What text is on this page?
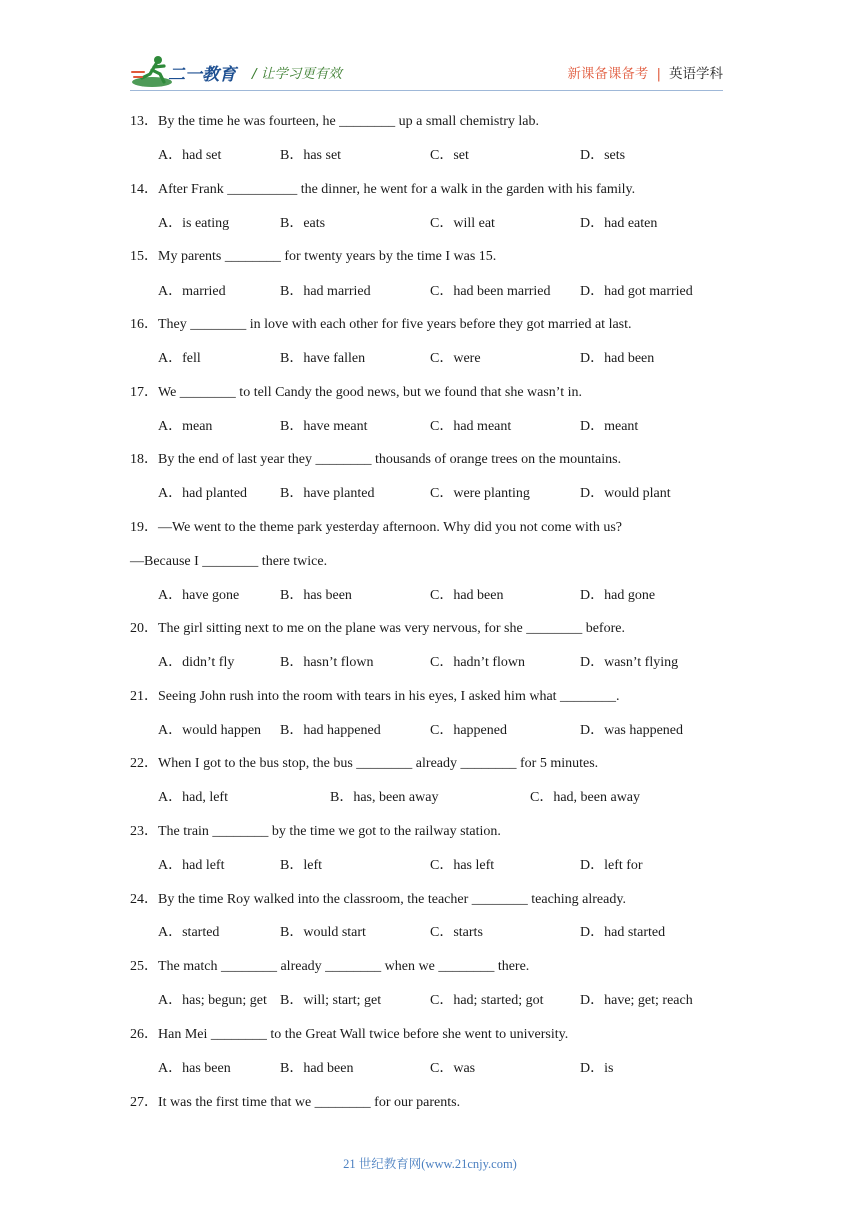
二一教育 / 让学习更有效	新课备课备考 | 英语学科
13．By the time he was fourteen, he ________ up a small chemistry lab.
A．had set	B．has set	C．set	D．sets
14．After Frank __________ the dinner, he went for a walk in the garden with his family.
A．is eating	B．eats	C．will eat	D．had eaten
15．My parents ________ for twenty years by the time I was 15.
A．married	B．had married	C．had been married D．had got married
16．They ________ in love with each other for five years before they got married at last.
A．fell	B．have fallen	C．were	D．had been
17．We ________ to tell Candy the good news, but we found that she wasn’t in.
A．mean	B．have meant	C．had meant	D．meant
18．By the end of last year they ________ thousands of orange trees on the mountains.
A．had planted B．have planted	C．were planting	D．would plant
19．—We went to the theme park yesterday afternoon. Why did you not come with us?
—Because I ________ there twice.
A．have gone	B．has been	C．had been	D．had gone
20．The girl sitting next to me on the plane was very nervous, for she ________ before.
A．didn’t fly	B．hasn’t flown	C．hadn’t flown	D．wasn’t flying
21．Seeing John rush into the room with tears in his eyes, I asked him what ________.
A．would happen B．had happened	C．happened	D．was happened
22．When I got to the bus stop, the bus ________ already ________ for 5 minutes.
A．had, left	B．has, been away	C．had, been away
23．The train ________ by the time we got to the railway station.
A．had left	B．left	C．has left	D．left for
24．By the time Roy walked into the classroom, the teacher ________ teaching already.
A．started	B．would start	C．starts	D．had started
25．The match ________ already ________ when we ________ there.
A．has; begun; get B．will; start; get	C．had; started; got	D．have; get; reach
26．Han Mei ________ to the Great Wall twice before she went to university.
A．has been	B．had been	C．was	D．is
27．It was the first time that we ________ for our parents.
21 世纪教育网(www.21cnjy.com)
